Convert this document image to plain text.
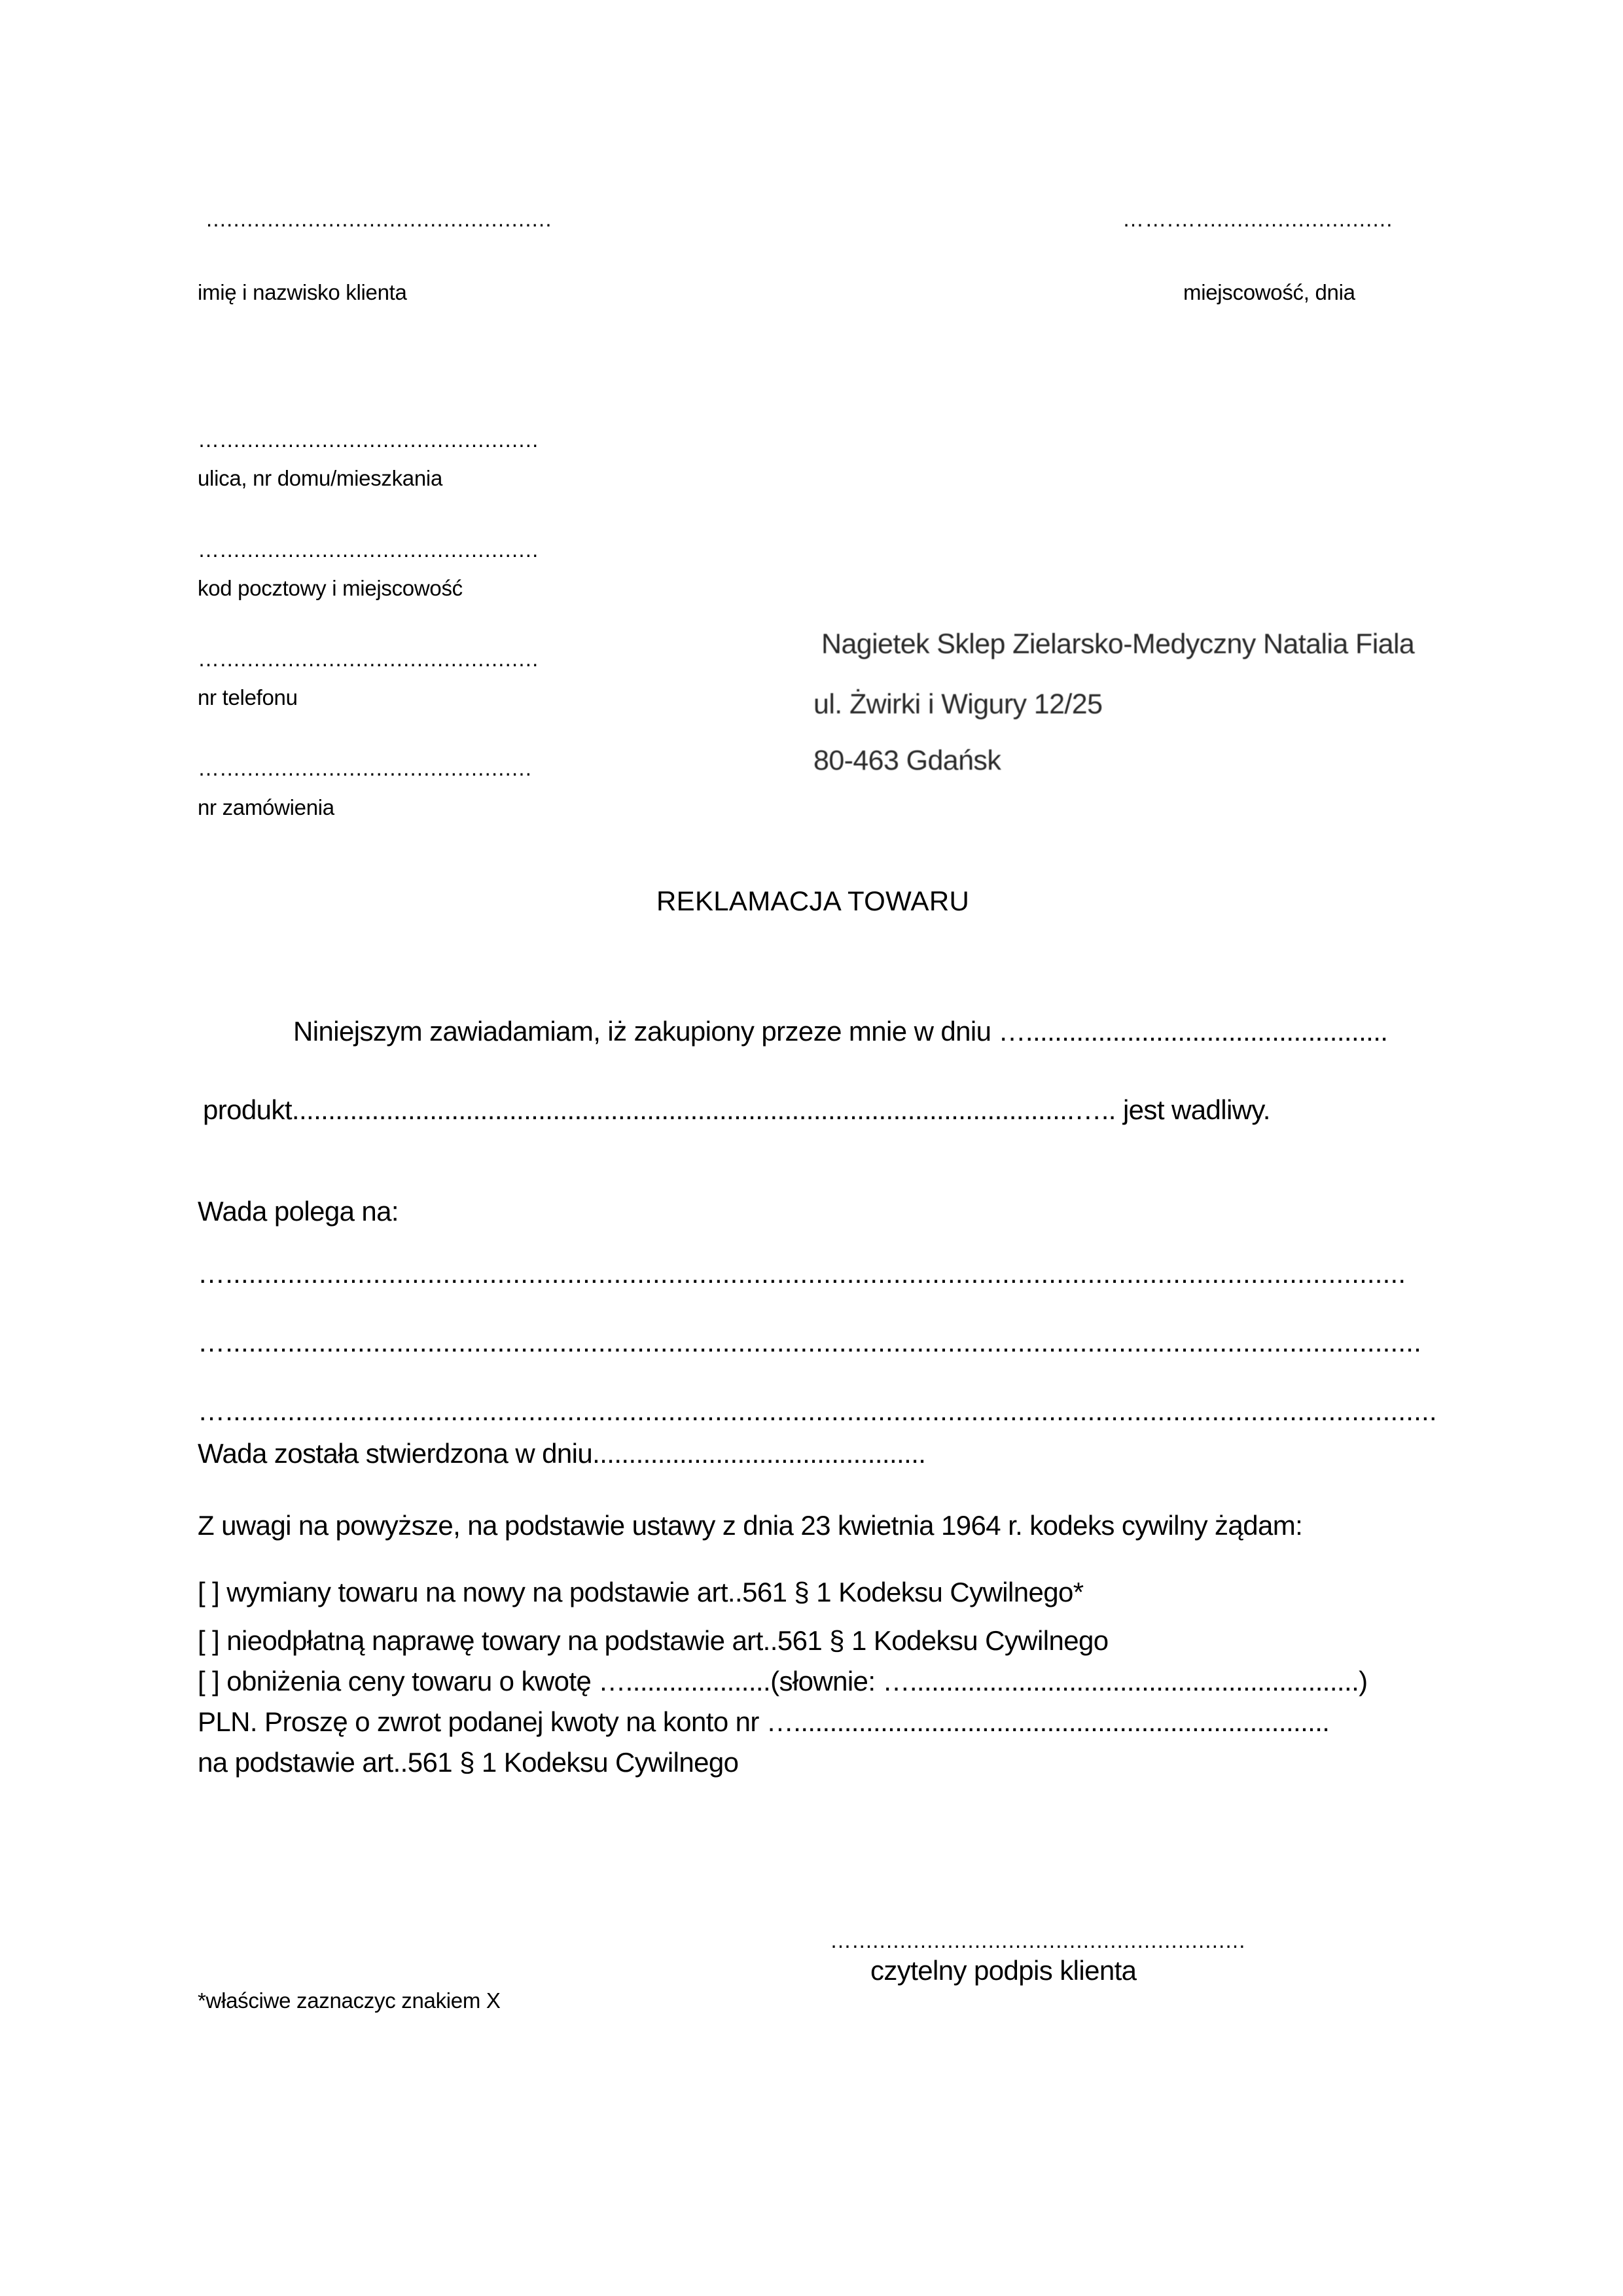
...................................................
imię i nazwisko klienta
…….….............................
miejscowość, dnia
…...............................................
ulica, nr domu/mieszkania
…...............................................
kod pocztowy i miejscowość
…...............................................
nr telefonu
…..............................................
nr zamówienia
Nagietek Sklep Zielarsko-Medyczny Natalia Fiala
ul. Żwirki i Wigury 12/25
80-463 Gdańsk
REKLAMACJA TOWARU
Niniejszym zawiadamiam, iż zakupiony przeze mnie w dniu …..................................................
produkt............................................................................................................….. jest wadliwy.
Wada polega na:
…........................................................................................................................................................
…..........................................................................................................................................................
…............................................................................................................................................................
Wada została stwierdzona w dniu..............................................
Z uwagi na powyższe, na podstawie ustawy z dnia 23 kwietnia 1964 r. kodeks cywilny żądam:
[ ] wymiany towaru na nowy na podstawie art..561 § 1 Kodeksu Cywilnego*
[ ] nieodpłatną naprawę towary na podstawie art..561 § 1 Kodeksu Cywilnego
[ ] obniżenia ceny towaru o kwotę …....................(słownie: …..............................................................)
PLN. Proszę o zwrot podanej kwoty na konto nr …..........................................................................
na podstawie art..561 § 1 Kodeksu Cywilnego
…..........................................................
czytelny podpis klienta
*właściwe zaznaczyc znakiem X
